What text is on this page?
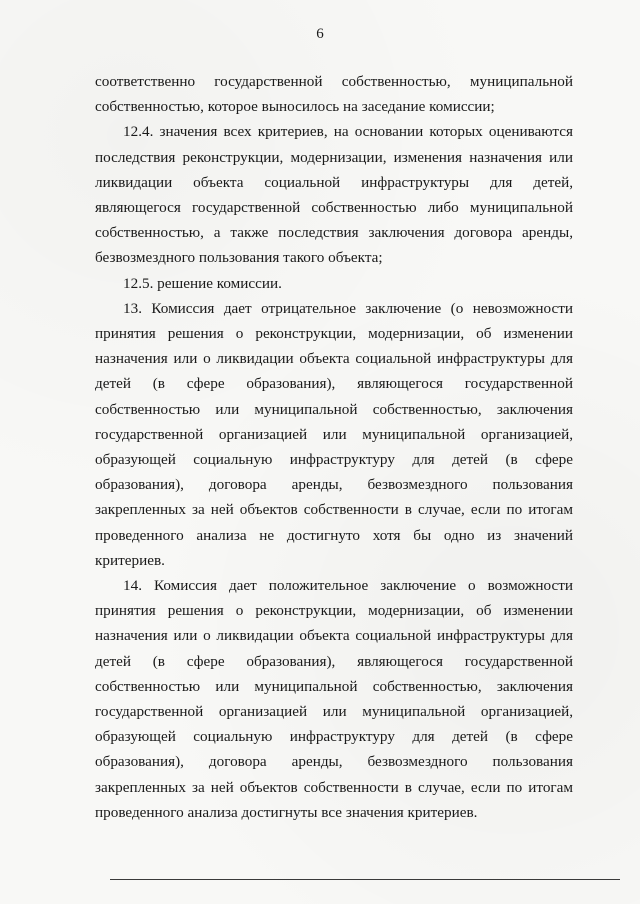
6

соответственно государственной собственностью, муниципальной собственностью, которое выносилось на заседание комиссии;

12.4. значения всех критериев, на основании которых оцениваются последствия реконструкции, модернизации, изменения назначения или ликвидации объекта социальной инфраструктуры для детей, являющегося государственной собственностью либо муниципальной собственностью, а также последствия заключения договора аренды, безвозмездного пользования такого объекта;

12.5. решение комиссии.

13. Комиссия дает отрицательное заключение (о невозможности принятия решения о реконструкции, модернизации, об изменении назначения или о ликвидации объекта социальной инфраструктуры для детей (в сфере образования), являющегося государственной собственностью или муниципальной собственностью, заключения государственной организацией или муниципальной организацией, образующей социальную инфраструктуру для детей (в сфере образования), договора аренды, безвозмездного пользования закрепленных за ней объектов собственности в случае, если по итогам проведенного анализа не достигнуто хотя бы одно из значений критериев.

14. Комиссия дает положительное заключение о возможности принятия решения о реконструкции, модернизации, об изменении назначения или о ликвидации объекта социальной инфраструктуры для детей (в сфере образования), являющегося государственной собственностью или муниципальной собственностью, заключения государственной организацией или муниципальной организацией, образующей социальную инфраструктуру для детей (в сфере образования), договора аренды, безвозмездного пользования закрепленных за ней объектов собственности в случае, если по итогам проведенного анализа достигнуты все значения критериев.
